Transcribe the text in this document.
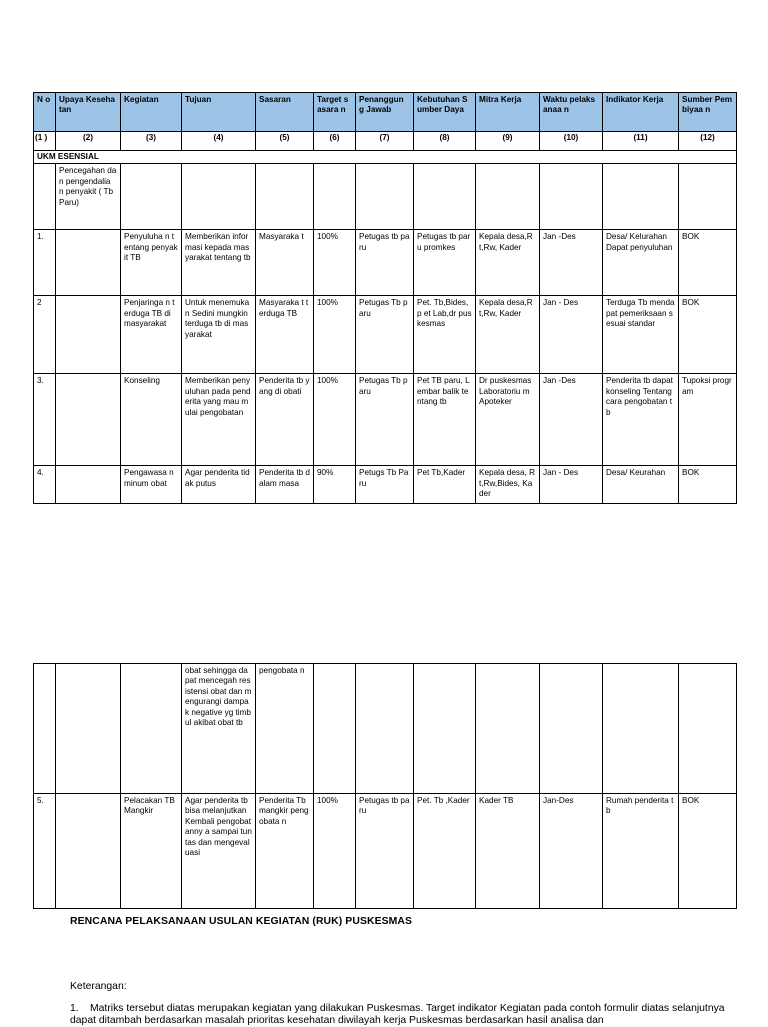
N o	Upaya Kesehatan	Kegiatan	Tujuan	Sasaran	Target sasara n	Penanggun g Jawab	Kebutuhan Sumber Daya	Mitra Kerja	Waktu pelaksanaa n	Indikator Kerja	Sumber Pembiyaa n
(1 )	(2)	(3)	(4)	(5)	(6)	(7)	(8)	(9)	(10)	(11)	(12)
UKM ESENSIAL											
	Pencegahan dan pengendalia n penyakit ( Tb Paru)										
1.		Penyuluha n tentang penyakit TB	Memberikan informasi kepada masyarakat tentang tb	Masyaraka t	100%	Petugas tb paru	Petugas tb paru promkes	Kepala desa,Rt,Rw, Kader	Jan -Des	Desa/ Kelurahan Dapat penyuluhan	BOK
2		Penjaringa n terduga TB di masyarakat	Untuk menemukan Sedini mungkin terduga tb di masyarakat	Masyaraka t terduga TB	100%	Petugas Tb paru	Pet. Tb,Bides,p et Lab,dr puskesmas	Kepala desa,Rt,Rw, Kader	Jan - Des	Terduga Tb mendapat pemeriksaan sesuai standar	BOK
3.		Konseling	Memberikan penyuluhan pada penderita yang mau mulai pengobatan	Penderita tb yang di obati	100%	Petugas Tb paru	Pet TB paru, Lembar balik tentang tb	Dr puskesmas Laboratoriu m Apoteker	Jan -Des	Penderita tb dapat konseling Tentang cara pengobatan tb	Tupoksi program
4.		Pengawasa n minum obat	Agar penderita tidak putus	Penderita tb dalam masa	90%	Petugs Tb Paru	Pet Tb,Kader	Kepala desa, Rt,Rw,Bides, Kader	Jan - Des	Desa/ Keurahan	BOK
			obat sehingga dapat mencegah resistensi obat dan mengurangi dampak negative yg timbul akibat obat tb	pengobata n							
5.		Pelacakan TB Mangkir	Agar penderita tb bisa melanjutkan Kembali pengobatanny a sampai tuntas dan mengevaluasi	Penderita Tb mangkir pengobata n	100%	Petugas tb paru	Pet. Tb ,Kader	Kader TB	Jan-Des	Rumah penderita tb	BOK
RENCANA PELAKSANAAN USULAN KEGIATAN (RUK) PUSKESMAS
Keterangan:
1. Matriks tersebut diatas merupakan kegiatan yang dilakukan Puskesmas. Target indikator Kegiatan pada contoh formulir diatas selanjutnya dapat ditambah berdasarkan masalah prioritas kesehatan diwilayah kerja Puskesmas berdasarkan hasil analisa dan
